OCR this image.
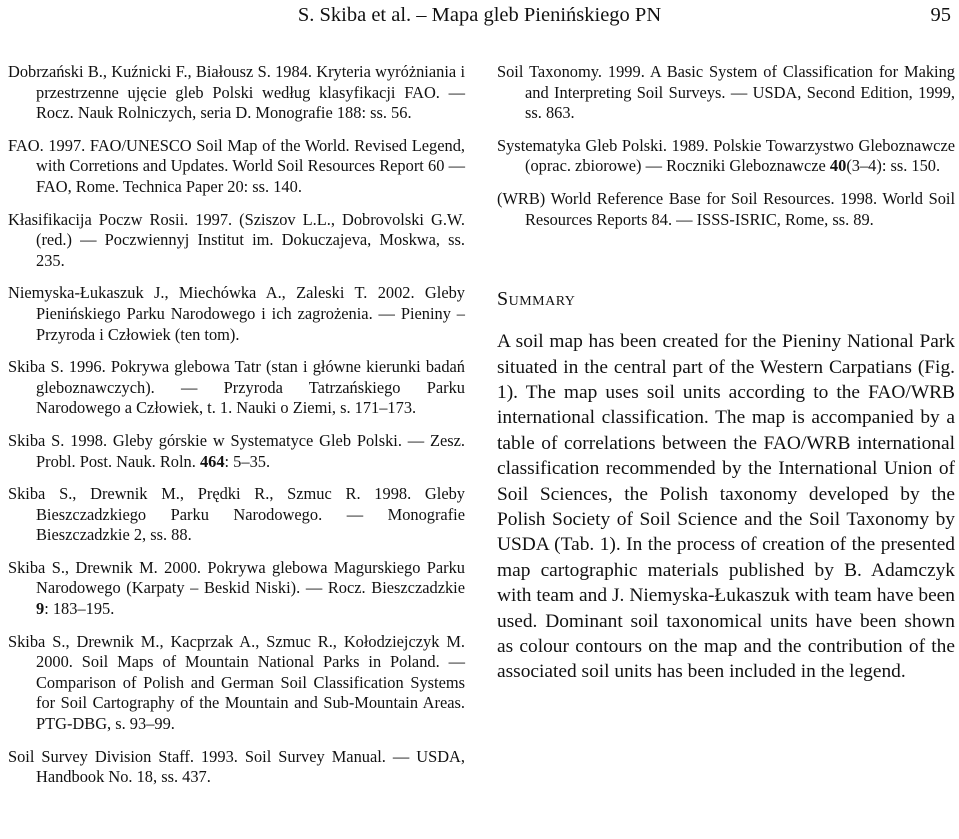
S. Skiba et al. – Mapa gleb Pienińskiego PN	95

Dobrzański B., Kuźnicki F., Białousz S. 1984. Kryteria wyróżniania i przestrzenne ujęcie gleb Polski według klasyfikacji FAO. — Rocz. Nauk Rolniczych, seria D. Monografie 188: ss. 56.

FAO. 1997. FAO/UNESCO Soil Map of the World. Revised Legend, with Corretions and Updates. World Soil Resources Report 60 — FAO, Rome. Technica Paper 20: ss. 140.

Kłasifikacija Poczw Rosii. 1997. (Sziszov L.L., Dobrovolski G.W. (red.) — Poczwiennyj Institut im. Dokuczajeva, Moskwa, ss. 235.

Niemyska-Łukaszuk J., Miechówka A., Zaleski T. 2002. Gleby Pienińskiego Parku Narodowego i ich zagrożenia. — Pieniny – Przyroda i Człowiek (ten tom).

Skiba S. 1996. Pokrywa glebowa Tatr (stan i główne kierunki badań gleboznawczych). — Przyroda Tatrzańskiego Parku Narodowego a Człowiek, t. 1. Nauki o Ziemi, s. 171–173.

Skiba S. 1998. Gleby górskie w Systematyce Gleb Polski. — Zesz. Probl. Post. Nauk. Roln. 464: 5–35.

Skiba S., Drewnik M., Prędki R., Szmuc R. 1998. Gleby Bieszczadzkiego Parku Narodowego. — Monografie Bieszczadzkie 2, ss. 88.

Skiba S., Drewnik M. 2000. Pokrywa glebowa Magurskiego Parku Narodowego (Karpaty – Beskid Niski). — Rocz. Bieszczadzkie 9: 183–195.

Skiba S., Drewnik M., Kacprzak A., Szmuc R., Kołodziejczyk M. 2000. Soil Maps of Mountain National Parks in Poland. — Comparison of Polish and German Soil Classification Systems for Soil Cartography of the Mountain and Sub-Mountain Areas. PTG-DBG, s. 93–99.

Soil Survey Division Staff. 1993. Soil Survey Manual. — USDA, Handbook No. 18, ss. 437.

Soil Taxonomy. 1999. A Basic System of Classification for Making and Interpreting Soil Surveys. — USDA, Second Edition, 1999, ss. 863.

Systematyka Gleb Polski. 1989. Polskie Towarzystwo Gleboznawcze (oprac. zbiorowe) — Roczniki Gleboznawcze 40(3–4): ss. 150.

(WRB) World Reference Base for Soil Resources. 1998. World Soil Resources Reports 84. — ISSS-ISRIC, Rome, ss. 89.

Summary

A soil map has been created for the Pieniny National Park situated in the central part of the Western Carpatians (Fig. 1). The map uses soil units according to the FAO/WRB international classification. The map is accompanied by a table of correlations between the FAO/WRB international classification recommended by the International Union of Soil Sciences, the Polish taxonomy developed by the Polish Society of Soil Science and the Soil Taxonomy by USDA (Tab. 1). In the process of creation of the presented map cartographic materials published by B. Adamczyk with team and J. Niemyska-Łukaszuk with team have been used. Dominant soil taxonomical units have been shown as colour contours on the map and the contribution of the associated soil units has been included in the legend.
